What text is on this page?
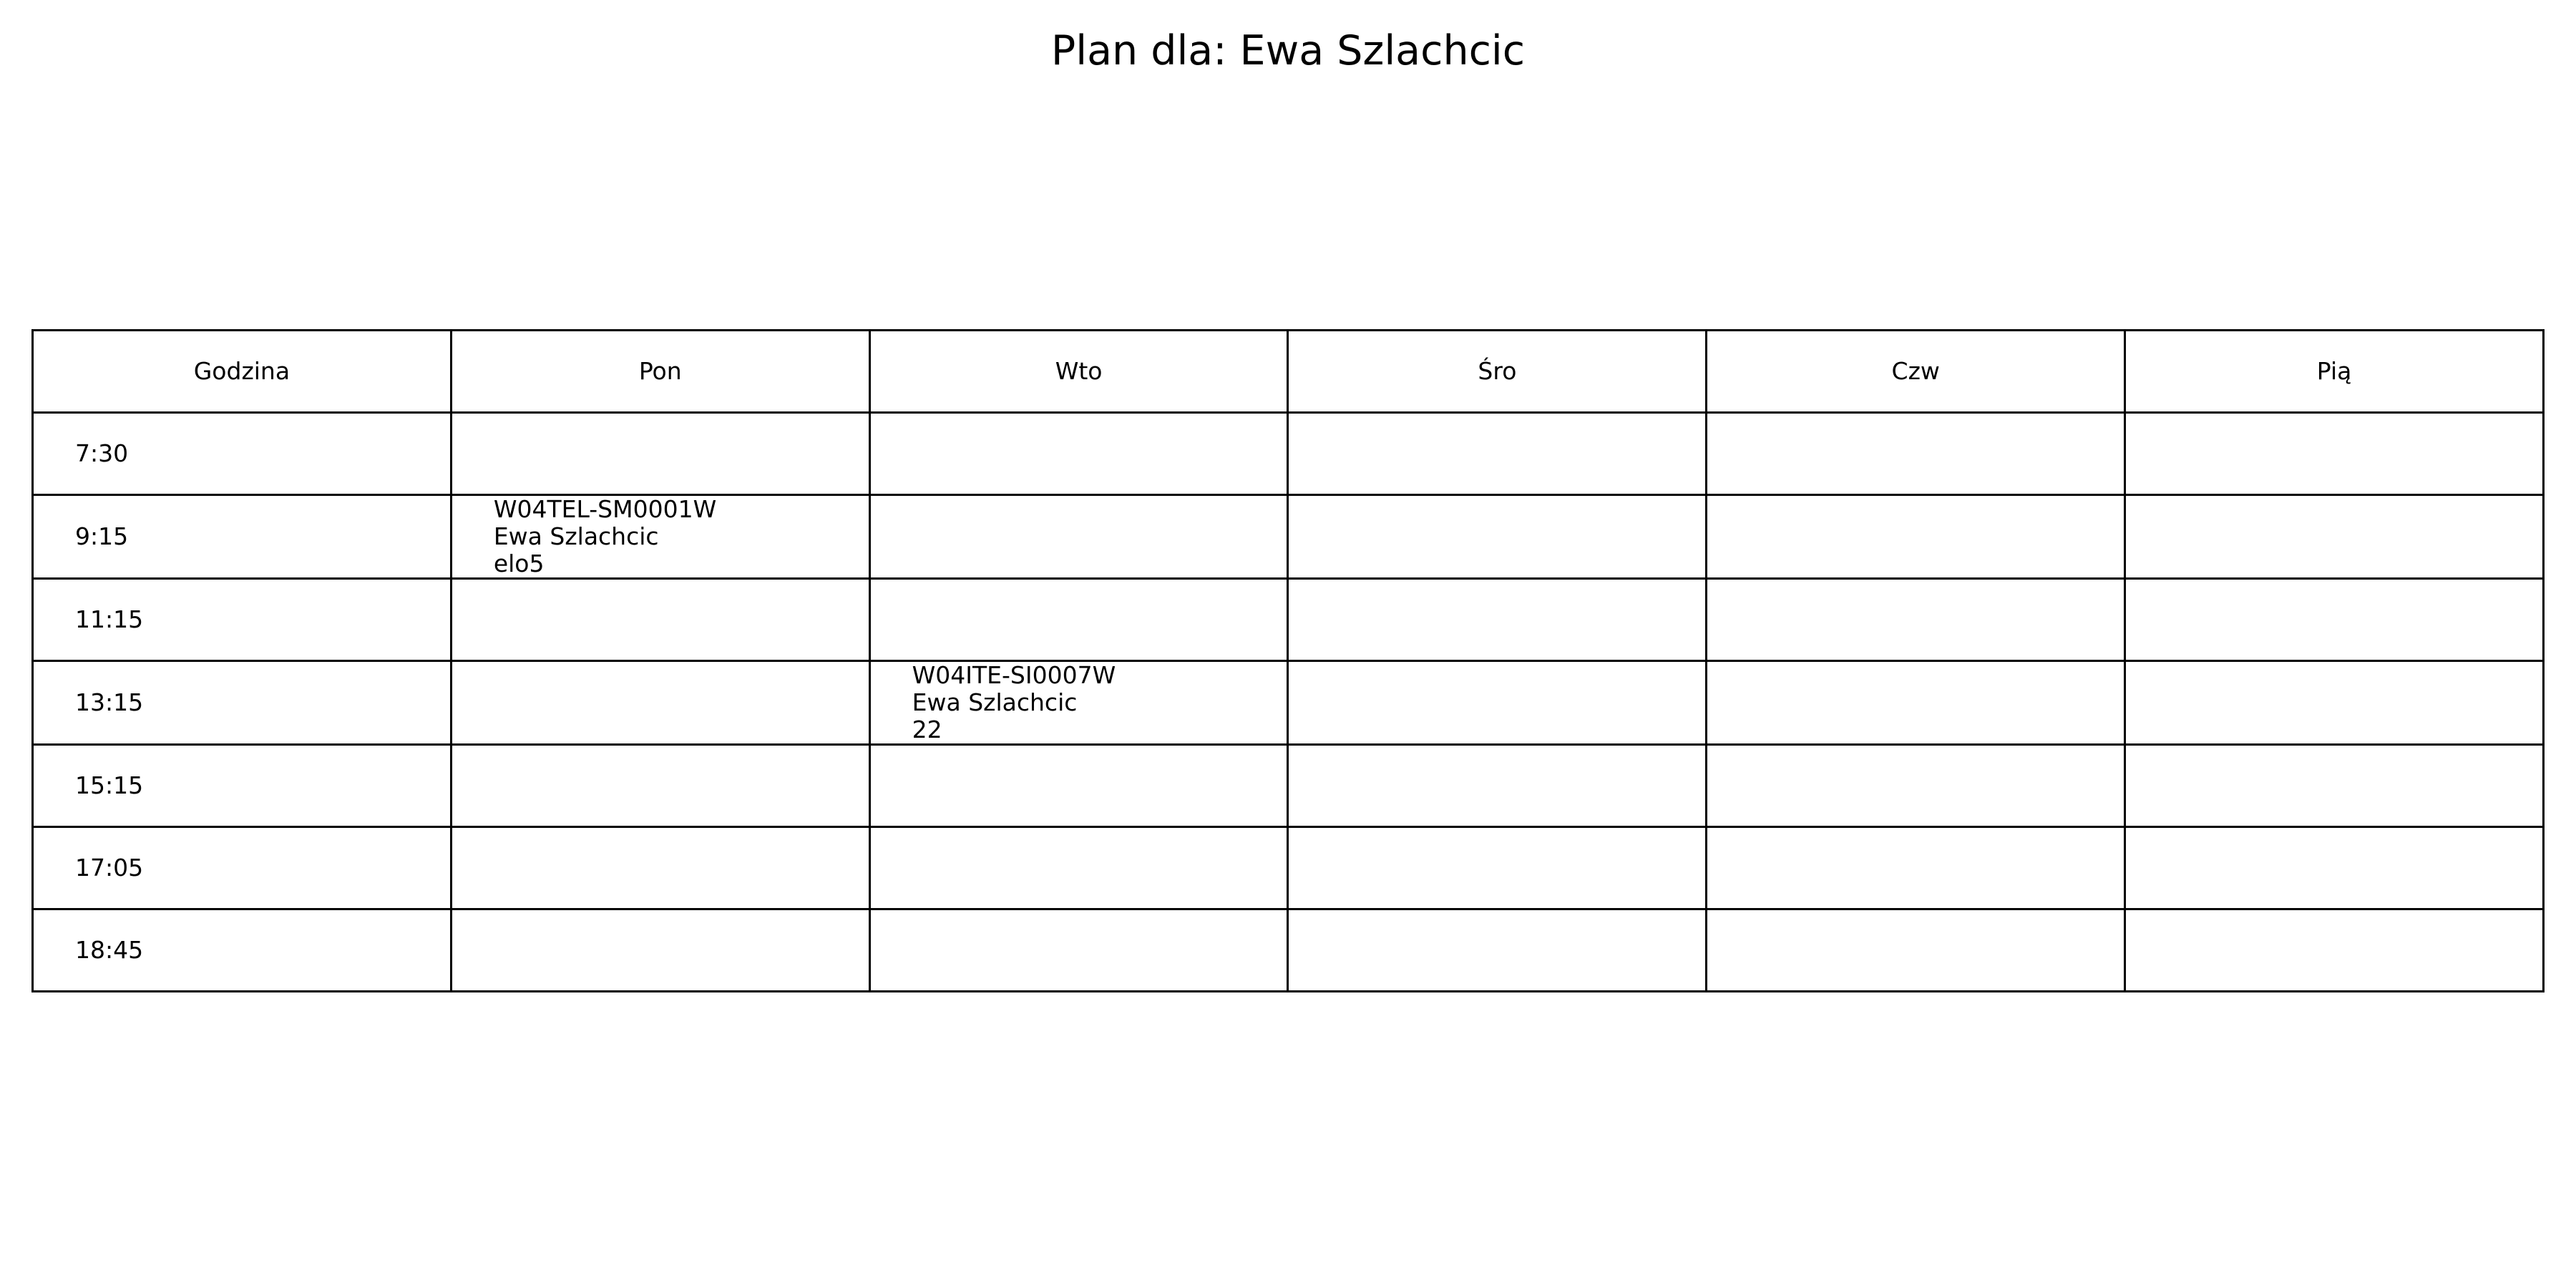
Plan dla: Ewa Szlachcic
Godzina	Pon	Wto	Śro	Czw	Pią
7:30					
9:15	W04TEL-SM0001W
Ewa Szlachcic
elo5				

11:15					
13:15		W04ITE-SI0007W
Ewa Szlachcic
22			

15:15					
17:05					
18:45					
